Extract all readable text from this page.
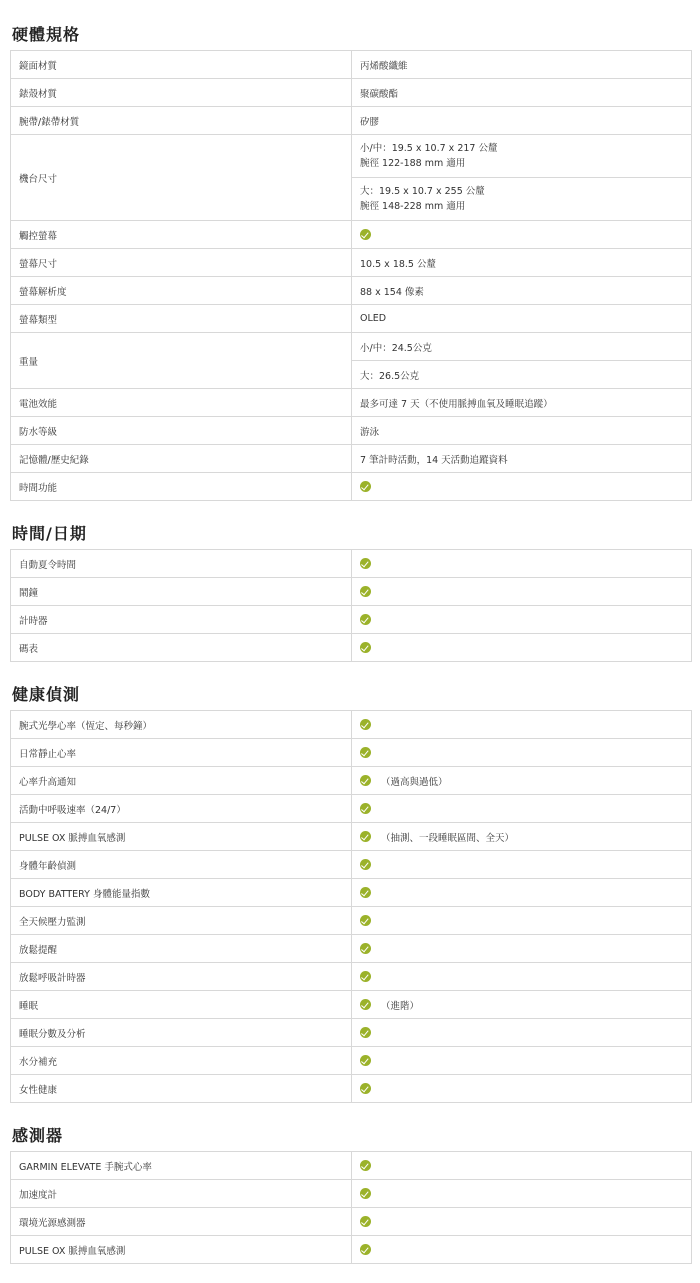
硬體規格
鏡面材質	丙烯酸纖維
錶殼材質	聚碳酸酯
腕帶/錶帶材質	矽膠
機台尺寸	小/中：19.5 x 10.7 x 217 公釐
腕徑 122-188 mm 適用

	大：19.5 x 10.7 x 255 公釐
腕徑 148-228 mm 適用

觸控螢幕	
螢幕尺寸	10.5 x 18.5 公釐
螢幕解析度	88 x 154 像素
螢幕類型	OLED
重量	小/中：24.5公克
	大：26.5公克
電池效能	最多可達 7 天（不使用脈搏血氧及睡眠追蹤）
防水等級	游泳
記憶體/歷史紀錄	7 筆計時活動，14 天活動追蹤資料
時間功能	
時間/日期
自動夏令時間	
鬧鐘	
計時器	
碼表	
健康偵測
腕式光學心率（恆定、每秒鐘）	
日常靜止心率	
心率升高通知	（過高與過低）
活動中呼吸速率（24/7）	
PULSE OX 脈搏血氧感測	（抽測、一段睡眠區間、全天）
身體年齡偵測	
BODY BATTERY 身體能量指數	
全天候壓力監測	
放鬆提醒	
放鬆呼吸計時器	
睡眠	（進階）
睡眠分數及分析	
水分補充	
女性健康	
感測器
GARMIN ELEVATE 手腕式心率	
加速度計	
環境光源感測器	
PULSE OX 脈搏血氧感測	
